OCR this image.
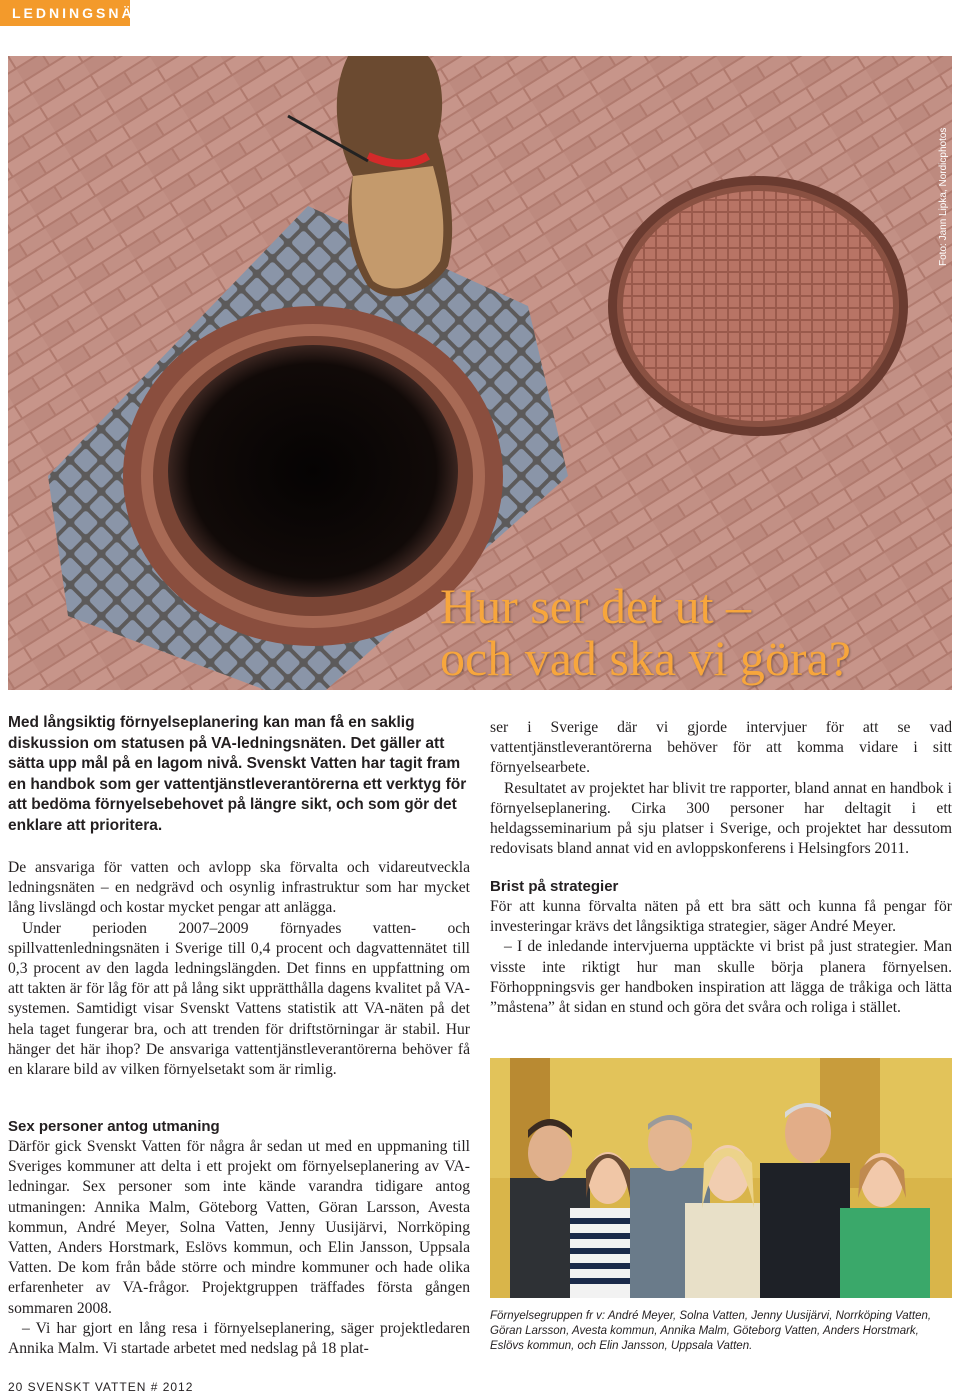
LEDNINGSNÄT
Foto: Jann Lipka, Nordicphotos
Hur ser det ut –
och vad ska vi göra?
Med långsiktig förnyelseplanering kan man få en saklig diskussion om statusen på VA-ledningsnäten. Det gäller att sätta upp mål på en lagom nivå. Svenskt Vatten har tagit fram en handbok som ger vattentjänstleverantörerna ett verktyg för att bedöma förnyelsebehovet på längre sikt, och som gör det enklare att prioritera.

De ansvariga för vatten och avlopp ska förvalta och vidareutveckla ledningsnäten – en nedgrävd och osynlig infrastruktur som har mycket lång livslängd och kostar mycket pengar att anlägga.

Under perioden 2007–2009 förnyades vatten- och spillvattenledningsnäten i Sverige till 0,4 procent och dagvattennätet till 0,3 procent av den lagda ledningslängden. Det finns en uppfattning om att takten är för låg för att på lång sikt upprätthålla dagens kvalitet på VA-systemen. Samtidigt visar Svenskt Vattens statistik att VA-näten på det hela taget fungerar bra, och att trenden för driftstörningar är stabil. Hur hänger det här ihop? De ansvariga vattentjänstleverantörerna behöver få en klarare bild av vilken förnyelsetakt som är rimlig.

Sex personer antog utmaning

Därför gick Svenskt Vatten för några år sedan ut med en uppmaning till Sveriges kommuner att delta i ett projekt om förnyelseplanering av VA-ledningar. Sex personer som inte kände varandra tidigare antog utmaningen: Annika Malm, Göteborg Vatten, Göran Larsson, Avesta kommun, André Meyer, Solna Vatten, Jenny Uusijärvi, Norrköping Vatten, Anders Horstmark, Eslövs kommun, och Elin Jansson, Uppsala Vatten. De kom från både större och mindre kommuner och hade olika erfarenheter av VA-frågor. Projektgruppen träffades första gången sommaren 2008.

– Vi har gjort en lång resa i förnyelseplanering, säger projektledaren Annika Malm. Vi startade arbetet med nedslag på 18 plat-

ser i Sverige där vi gjorde intervjuer för att se vad vattentjänstleverantörerna behöver för att komma vidare i sitt förnyelsearbete.

Resultatet av projektet har blivit tre rapporter, bland annat en handbok i förnyelseplanering. Cirka 300 personer har deltagit i ett heldagsseminarium på sju platser i Sverige, och projektet har dessutom redovisats bland annat vid en avloppskonferens i Helsingfors 2011.

Brist på strategier

För att kunna förvalta näten på ett bra sätt och kunna få pengar för investeringar krävs det långsiktiga strategier, säger André Meyer.

– I de inledande intervjuerna upptäckte vi brist på just strategier. Man visste inte riktigt hur man skulle börja planera förnyelsen. Förhoppningsvis ger handboken inspiration att lägga de tråkiga och lätta ”måstena” åt sidan en stund och göra det svåra och roliga i stället.

Förnyelsegruppen fr v: André Meyer, Solna Vatten, Jenny Uusijärvi, Norrköping Vatten, Göran Larsson, Avesta kommun, Annika Malm, Göteborg Vatten, Anders Horstmark, Eslövs kommun, och Elin Jansson, Uppsala Vatten.
20 SVENSKT VATTEN # 2012
